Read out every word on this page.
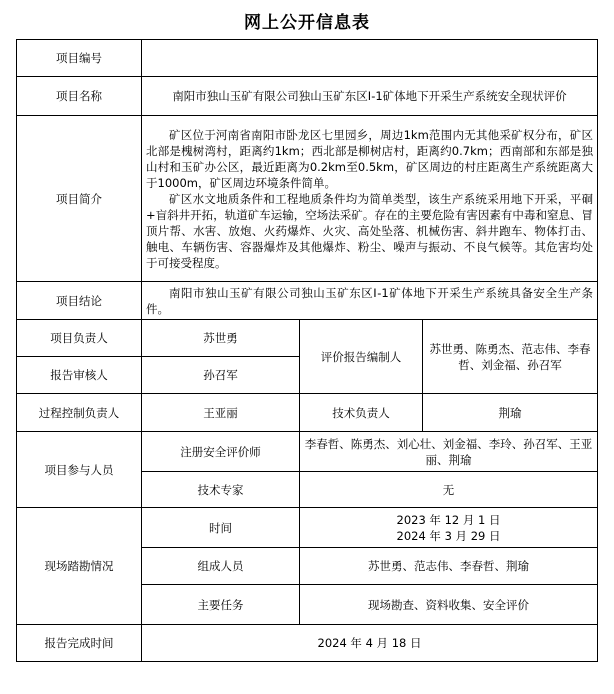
网上公开信息表
项目编号			
项目名称	南阳市独山玉矿有限公司独山玉矿东区Ⅰ-1矿体地下开采生产系统安全现状评价		
项目简介	矿区位于河南省南阳市卧龙区七里园乡，周边1km范围内无其他采矿权分布，矿区北部是槐树湾村，距离约1km；西北部是柳树店村，距离约0.7km；西南部和东部是独山村和玉矿办公区，最近距离为0.2km至0.5km，矿区周边的村庄距离生产系统距离大于1000m，矿区周边环境条件简单。

矿区水文地质条件和工程地质条件均为简单类型，该生产系统采用地下开采，平硐+盲斜井开拓，轨道矿车运输，空场法采矿。存在的主要危险有害因素有中毒和窒息、冒顶片帮、水害、放炮、火药爆炸、火灾、高处坠落、机械伤害、斜井跑车、物体打击、触电、车辆伤害、容器爆炸及其他爆炸、粉尘、噪声与振动、不良气候等。其危害均处于可接受程度。		

项目结论	南阳市独山玉矿有限公司独山玉矿东区Ⅰ-1矿体地下开采生产系统具备安全生产条件。		

项目负责人	苏世勇	评价报告编制人	苏世勇、陈勇杰、范志伟、李春哲、刘金福、孙召军
报告审核人	孙召军		
过程控制负责人	王亚丽	技术负责人	荆瑜
项目参与人员	注册安全评价师	李春哲、陈勇杰、刘心壮、刘金福、李玲、孙召军、王亚丽、荆瑜	
	技术专家	无	
现场踏勘情况	时间	2023 年 12 月 1 日
2024 年 3 月 29 日	

	组成人员	苏世勇、范志伟、李春哲、荆瑜	
	主要任务	现场勘查、资料收集、安全评价	
报告完成时间	2024 年 4 月 18 日		
